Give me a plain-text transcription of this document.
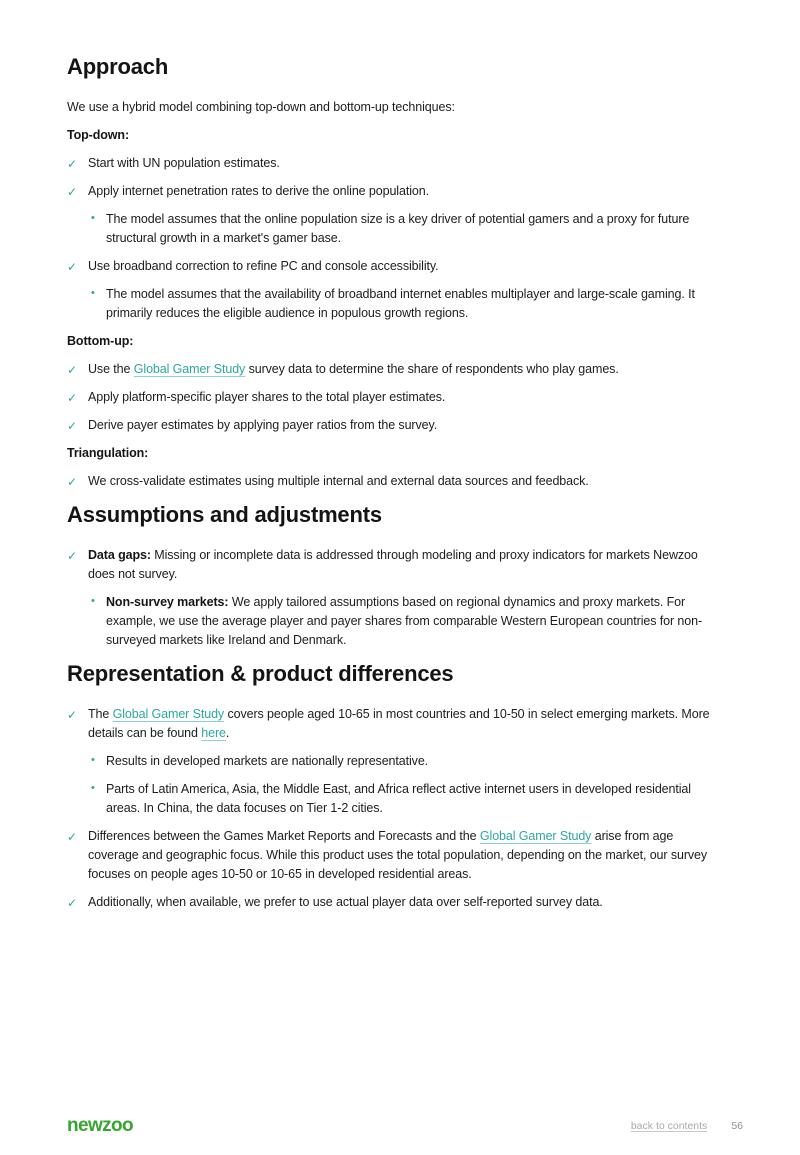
Approach

We use a hybrid model combining top-down and bottom-up techniques:

Top-down:

✓ Start with UN population estimates.
✓ Apply internet penetration rates to derive the online population.
• The model assumes that the online population size is a key driver of potential gamers and a proxy for future structural growth in a market's gamer base.
✓ Use broadband correction to refine PC and console accessibility.
• The model assumes that the availability of broadband internet enables multiplayer and large-scale gaming. It primarily reduces the eligible audience in populous growth regions.

Bottom-up:

✓ Use the Global Gamer Study survey data to determine the share of respondents who play games.
✓ Apply platform-specific player shares to the total player estimates.
✓ Derive payer estimates by applying payer ratios from the survey.

Triangulation:

✓ We cross-validate estimates using multiple internal and external data sources and feedback.
Assumptions and adjustments
✓ Data gaps: Missing or incomplete data is addressed through modeling and proxy indicators for markets Newzoo does not survey.
• Non-survey markets: We apply tailored assumptions based on regional dynamics and proxy markets. For example, we use the average player and payer shares from comparable Western European countries for non-surveyed markets like Ireland and Denmark.
Representation & product differences
✓ The Global Gamer Study covers people aged 10-65 in most countries and 10-50 in select emerging markets. More details can be found here.
• Results in developed markets are nationally representative.
• Parts of Latin America, Asia, the Middle East, and Africa reflect active internet users in developed residential areas. In China, the data focuses on Tier 1-2 cities.
✓ Differences between the Games Market Reports and Forecasts and the Global Gamer Study arise from age coverage and geographic focus. While this product uses the total population, depending on the market, our survey focuses on people ages 10-50 or 10-65 in developed residential areas.
✓ Additionally, when available, we prefer to use actual player data over self-reported survey data.
newzoo	back to contents 56
